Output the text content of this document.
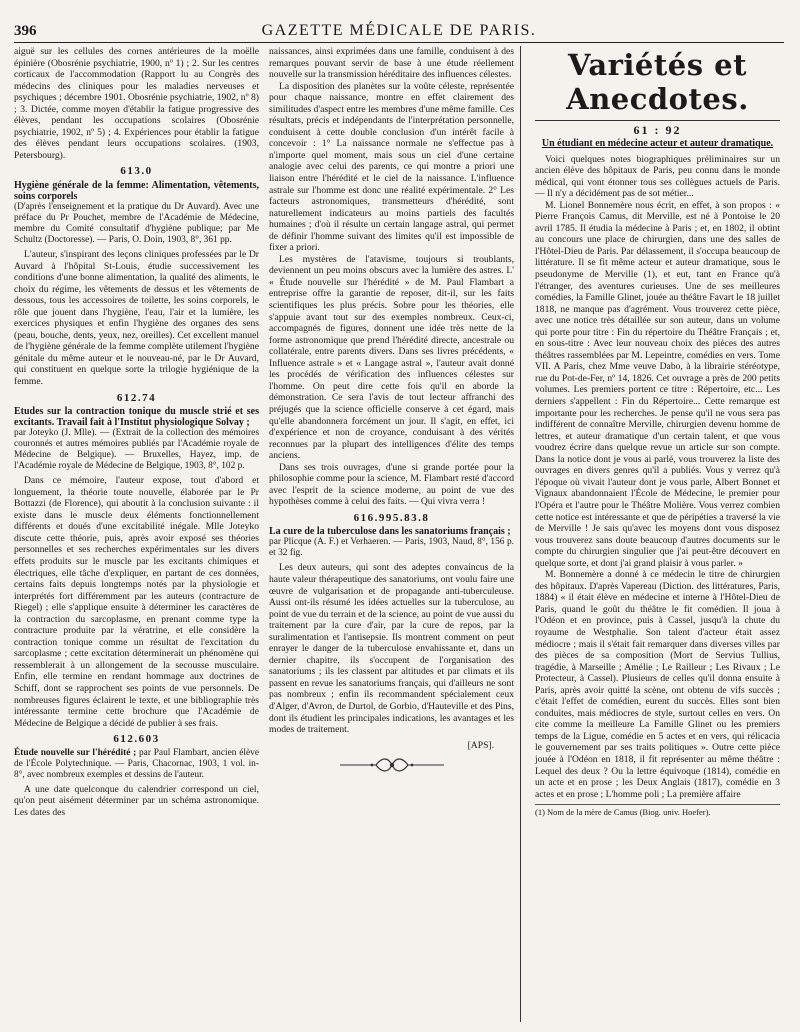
396	GAZETTE MÉDICALE DE PARIS.

aiguë sur les cellules des cornes antérieures de la moëlle épinière (Obosrénie psychiatrie, 1900, nº 1) ; 2. Sur les centres corticaux de l'accommodation (Rapport lu au Congrès des médecins des cliniques pour les maladies nerveuses et psychiques ; décembre 1901. Obosrénie psychiatrie, 1902, nº 8) ; 3. Dictée, comme moyen d'établir la fatigue progressive des élèves, pendant les occupations scolaires (Obosrénie psychiatrie, 1902, nº 5) ; 4. Expériences pour établir la fatigue des élèves pendant leurs occupations scolaires. (1903, Petersbourg).

613.0

Hygiène générale de la femme: Alimentation, vêtements, soins corporels

(D'après l'enseignement et la pratique du Dr Auvard). Avec une préface du Pr Pouchet, membre de l'Académie de Médecine, membre du Comité consultatif d'hygiène publique; par Me Schultz (Doctoresse). — Paris, O. Doin, 1903, 8°, 361 pp.

L'auteur, s'inspirant des leçons cliniques professées par le Dr Auvard à l'hôpital St-Louis, étudie successivement les conditions d'une bonne alimentation, la qualité des aliments, le choix du régime, les vêtements de dessus et les vêtements de dessous, tous les accessoires de toilette, les soins corporels, le rôle que jouent dans l'hygiène, l'eau, l'air et la lumière, les exercices physiques et enfin l'hygiène des organes des sens (peau, bouche, dents, yeux, nez, oreilles). Cet excellent manuel de l'hygiène générale de la femme complète utilement l'hygiène génitale du même auteur et le nouveau-né, par le Dr Auvard, qui constituent en quelque sorte la trilogie hygiénique de la femme.

612.74

Etudes sur la contraction tonique du muscle strié et ses excitants. Travail fait à l'Institut physiologique Solvay ;

par Joteyko (J. Mlle). — (Extrait de la collection des mémoires couronnés et autres mémoires publiés par l'Académie royale de Médecine de Belgique). — Bruxelles, Hayez, imp. de l'Académie royale de Médecine de Belgique, 1903, 8°, 102 p.

Dans ce mémoire, l'auteur expose, tout d'abord et longuement, la théorie toute nouvelle, élaborée par le Pr Bottazzi (de Florence), qui aboutit à la conclusion suivante : il existe dans le muscle deux éléments fonctionnellement différents et doués d'une excitabilité inégale. Mlle Joteyko discute cette théorie, puis, après avoir exposé ses théories personnelles et ses recherches expérimentales sur les divers effets produits sur le muscle par les excitants chimiques et électriques, elle tâche d'expliquer, en partant de ces données, certains faits depuis longtemps notés par la physiologie et interprétés fort différemment par les auteurs (contracture de Riegel) ; elle s'applique ensuite à déterminer les caractères de la contraction du sarcoplasme, en prenant comme type la contracture produite par la vératrine, et elle considère la contraction tonique comme un résultat de l'excitation du sarcoplasme ; cette excitation déterminerait un phénomène qui ressemblerait à un allongement de la secousse musculaire. Enfin, elle termine en rendant hommage aux doctrines de Schiff, dont se rapprochent ses points de vue personnels. De nombreuses figures éclairent le texte, et une bibliographie très intéressante termine cette brochure que l'Académie de Médecine de Belgique a décidé de publier à ses frais.

612.603

Étude nouvelle sur l'hérédité ; par Paul Flambart, ancien élève de l'École Polytechnique. — Paris, Chacornac, 1903, 1 vol. in-8°, avec nombreux exemples et dessins de l'auteur.

A une date quelconque du calendrier correspond un ciel, qu'on peut aisément déterminer par un schéma astronomique. Les dates des

naissances, ainsi exprimées dans une famille, conduisent à des remarques pouvant servir de base à une étude réellement nouvelle sur la transmission héréditaire des influences célestes.

La disposition des planètes sur la voûte céleste, représentée pour chaque naissance, montre en effet clairement des similitudes d'aspect entre les membres d'une même famille. Ces résultats, précis et indépendants de l'interprétation personnelle, conduisent à cette double conclusion d'un intérêt facile à concevoir : 1° La naissance normale ne s'effectue pas à n'importe quel moment, mais sous un ciel d'une certaine analogie avec celui des parents, ce qui montre a priori une liaison entre l'hérédité et le ciel de la naissance. L'influence astrale sur l'homme est donc une réalité expérimentale. 2° Les facteurs astronomiques, transmetteurs d'hérédité, sont naturellement indicateurs au moins partiels des facultés humaines ; d'où il résulte un certain langage astral, qui permet de définir l'homme suivant des limites qu'il est impossible de fixer a priori.

Les mystères de l'atavisme, toujours si troublants, deviennent un peu moins obscurs avec la lumière des astres. L' « Étude nouvelle sur l'hérédité » de M. Paul Flambart a entreprise offre la garantie de reposer, dit-il, sur les faits scientifiques les plus précis. Sobre pour les théories, elle s'appuie avant tout sur des exemples nombreux. Ceux-ci, accompagnés de figures, donnent une idée très nette de la forme astronomique que prend l'hérédité directe, ancestrale ou collatérale, entre parents divers. Dans ses livres précédents, « Influence astrale » et « Langage astral », l'auteur avait donné les procédés de vérification des influences célestes sur l'homme. On peut dire cette fois qu'il en aborde la démonstration. Ce sera l'avis de tout lecteur affranchi des préjugés que la science officielle conserve à cet égard, mais qu'elle abandonnera forcément un jour. Il s'agit, en effet, ici d'expérience et non de croyance, conduisant à des vérités reconnues par la plupart des intelligences d'élite des temps anciens.

Dans ses trois ouvrages, d'une si grande portée pour la philosophie comme pour la science, M. Flambart resté d'accord avec l'esprit de la science moderne, au point de vue des hypothèses comme à celui des faits. — Qui vivra verra !

616.995.83.8

La cure de la tuberculose dans les sanatoriums français ;

par Plicque (A. F.) et Verhaeren. — Paris, 1903, Naud, 8°, 156 p. et 32 fig.

Les deux auteurs, qui sont des adeptes convaincus de la haute valeur thérapeutique des sanatoriums, ont voulu faire une œuvre de vulgarisation et de propagande anti-tuberculeuse. Aussi ont-ils résumé les idées actuelles sur la tuberculose, au point de vue du terrain et de la science, au point de vue aussi du traitement par la cure d'air, par la cure de repos, par la suralimentation et l'antisepsie. Ils montrent comment on peut enrayer le danger de la tuberculose envahissante et, dans un dernier chapitre, ils s'occupent de l'organisation des sanatoriums ; ils les classent par altitudes et par climats et ils passent en revue les sanatoriums français, qui d'ailleurs ne sont pas nombreux ; enfin ils recommandent spécialement ceux d'Alger, d'Avron, de Durtol, de Gorbio, d'Hauteville et des Pins, dont ils étudient les principales indications, les avantages et les modes de traitement.

[APS].

Variétés et Anecdotes.
61 : 92
Un étudiant en médecine acteur et auteur dramatique.

Voici quelques notes biographiques préliminaires sur un ancien élève des hôpitaux de Paris, peu connu dans le monde médical, qui vont étonner tous ses collègues actuels de Paris. — Il n'y a décidément pas de sot métier...

M. Lionel Bonnemère nous écrit, en effet, à son propos : « Pierre François Camus, dit Merville, est né à Pontoise le 20 avril 1785. Il étudia la médecine à Paris ; et, en 1802, il obtint au concours une place de chirurgien, dans une des salles de l'Hôtel-Dieu de Paris. Par délassement, il s'occupa beaucoup de littérature. Il se fit même acteur et auteur dramatique, sous le pseudonyme de Merville (1), et eut, tant en France qu'à l'étranger, des aventures curieuses. Une de ses meilleures comédies, la Famille Glinet, jouée au théâtre Favart le 18 juillet 1818, ne manque pas d'agrément. Vous trouverez cette pièce, avec une notice très détaillée sur son auteur, dans un volume qui porte pour titre : Fin du répertoire du Théâtre Français ; et, en sous-titre : Avec leur nouveau choix des pièces des autres théâtres rassemblées par M. Lepeintre, comédies en vers. Tome VII. A Paris, chez Mme veuve Dabo, à la librairie stéréotype, rue du Pot-de-Fer, nº 14, 1826. Cet ouvrage a près de 200 petits volumes. Les premiers portent ce titre : Répertoire, etc... Les derniers s'appellent : Fin du Répertoire... Cette remarque est importante pour les recherches. Je pense qu'il ne vous sera pas indifférent de connaître Merville, chirurgien devenu homme de lettres, et auteur dramatique d'un certain talent, et que vous voudrez écrire dans quelque revue un article sur son compte. Dans la notice dont je vous ai parlé, vous trouverez la liste des ouvrages en divers genres qu'il a publiés. Vous y verrez qu'à l'époque où vivait l'auteur dont je vous parle, Albert Bonnet et Vignaux abandonnaient l'École de Médecine, le premier pour l'Opéra et l'autre pour le Théâtre Molière. Vous verrez combien cette notice est intéressante et que de péripéties a traversé la vie de Merville ! Je sais qu'avec les moyens dont vous disposez vous trouverez sans doute beaucoup d'autres documents sur le compte du chirurgien singulier que j'ai peut-être découvert en quelque sorte, et dont j'ai grand plaisir à vous parler. »

M. Bonnemère a donné à ce médecin le titre de chirurgien des hôpitaux. D'après Vapereau (Diction. des littératures, Paris, 1884) « il était élève en médecine et interne à l'Hôtel-Dieu de Paris, quand le goût du théâtre le fit comédien. Il joua à l'Odéon et en province, puis à Cassel, jusqu'à la chute du royaume de Westphalie. Son talent d'acteur était assez médiocre ; mais il s'était fait remarquer dans diverses villes par des pièces de sa composition (Mort de Servius Tullius, tragédie, à Marseille ; Amélie ; Le Railleur ; Les Rivaux ; Le Protecteur, à Cassel). Plusieurs de celles qu'il donna ensuite à Paris, après avoir quitté la scène, ont obtenu de vifs succès ; c'était l'effet de comédien, eurent du succès. Elles sont bien conduites, mais médiocres de style, surtout celles en vers. On cite comme la meilleure La Famille Glinet ou les premiers temps de la Ligue, comédie en 5 actes et en vers, qui rélicacia le gouvernement par ses traits politiques ». Outre cette pièce jouée à l'Odéon en 1818, il fit représenter au même théâtre : Lequel des deux ? Ou la lettre équivoque (1814), comédie en un acte et en prose ; les Deux Anglais (1817), comédie en 3 actes et en prose ; L'homme poli ; La première affaire

(1) Nom de la mère de Camus (Biog. univ. Hoefer).
